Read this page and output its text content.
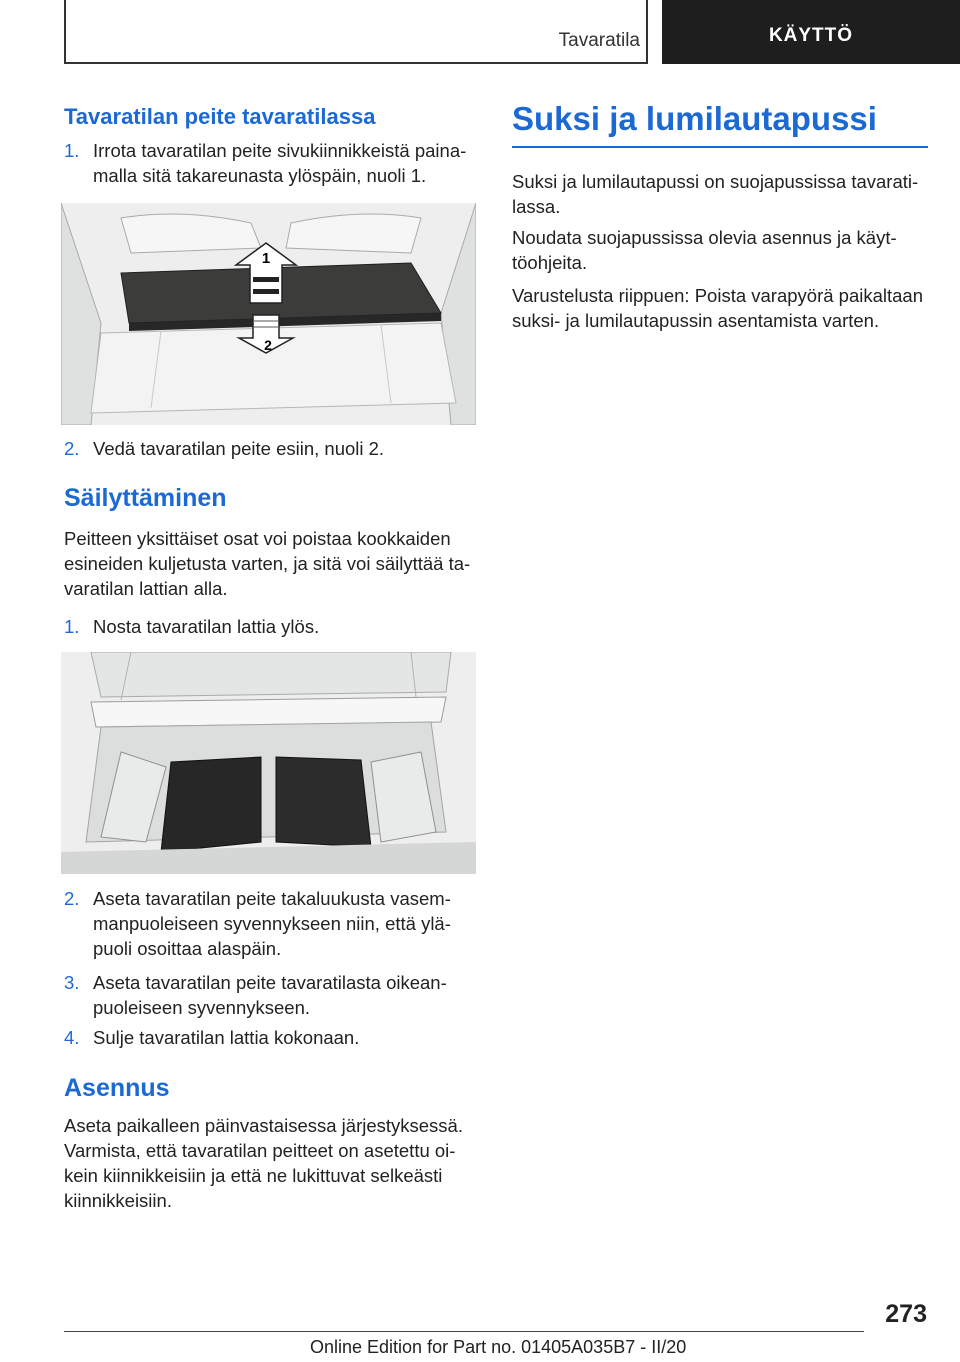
Tavaratila	KÄYTTÖ
Tavaratilan peite tavaratilassa
1. Irrota tavaratilan peite sivukiinnikkeistä painamalla sitä takareunasta ylöspäin, nuoli 1.
2. Vedä tavaratilan peite esiin, nuoli 2.
Säilyttäminen
Peitteen yksittäiset osat voi poistaa kookkaiden esineiden kuljetusta varten, ja sitä voi säilyttää tavaratilan lattian alla.
1. Nosta tavaratilan lattia ylös.
2. Aseta tavaratilan peite takaluukusta vasemmanpuoleiseen syvennykseen niin, että yläpuoli osoittaa alaspäin.
3. Aseta tavaratilan peite tavaratilasta oikeanpuoleiseen syvennykseen.
4. Sulje tavaratilan lattia kokonaan.
Asennus
Aseta paikalleen päinvastaisessa järjestyksessä. Varmista, että tavaratilan peitteet on asetettu oikein kiinnikkeisiin ja että ne lukittuvat selkeästi kiinnikkeisiin.
1
2
Suksi ja lumilautapussi
Suksi ja lumilautapussi on suojapussissa tavaratilassa.
Noudata suojapussissa olevia asennus ja käyttöohjeita.
Varustelusta riippuen: Poista varapyörä paikaltaan suksi- ja lumilautapussin asentamista varten.
273
Online Edition for Part no. 01405A035B7 - II/20
